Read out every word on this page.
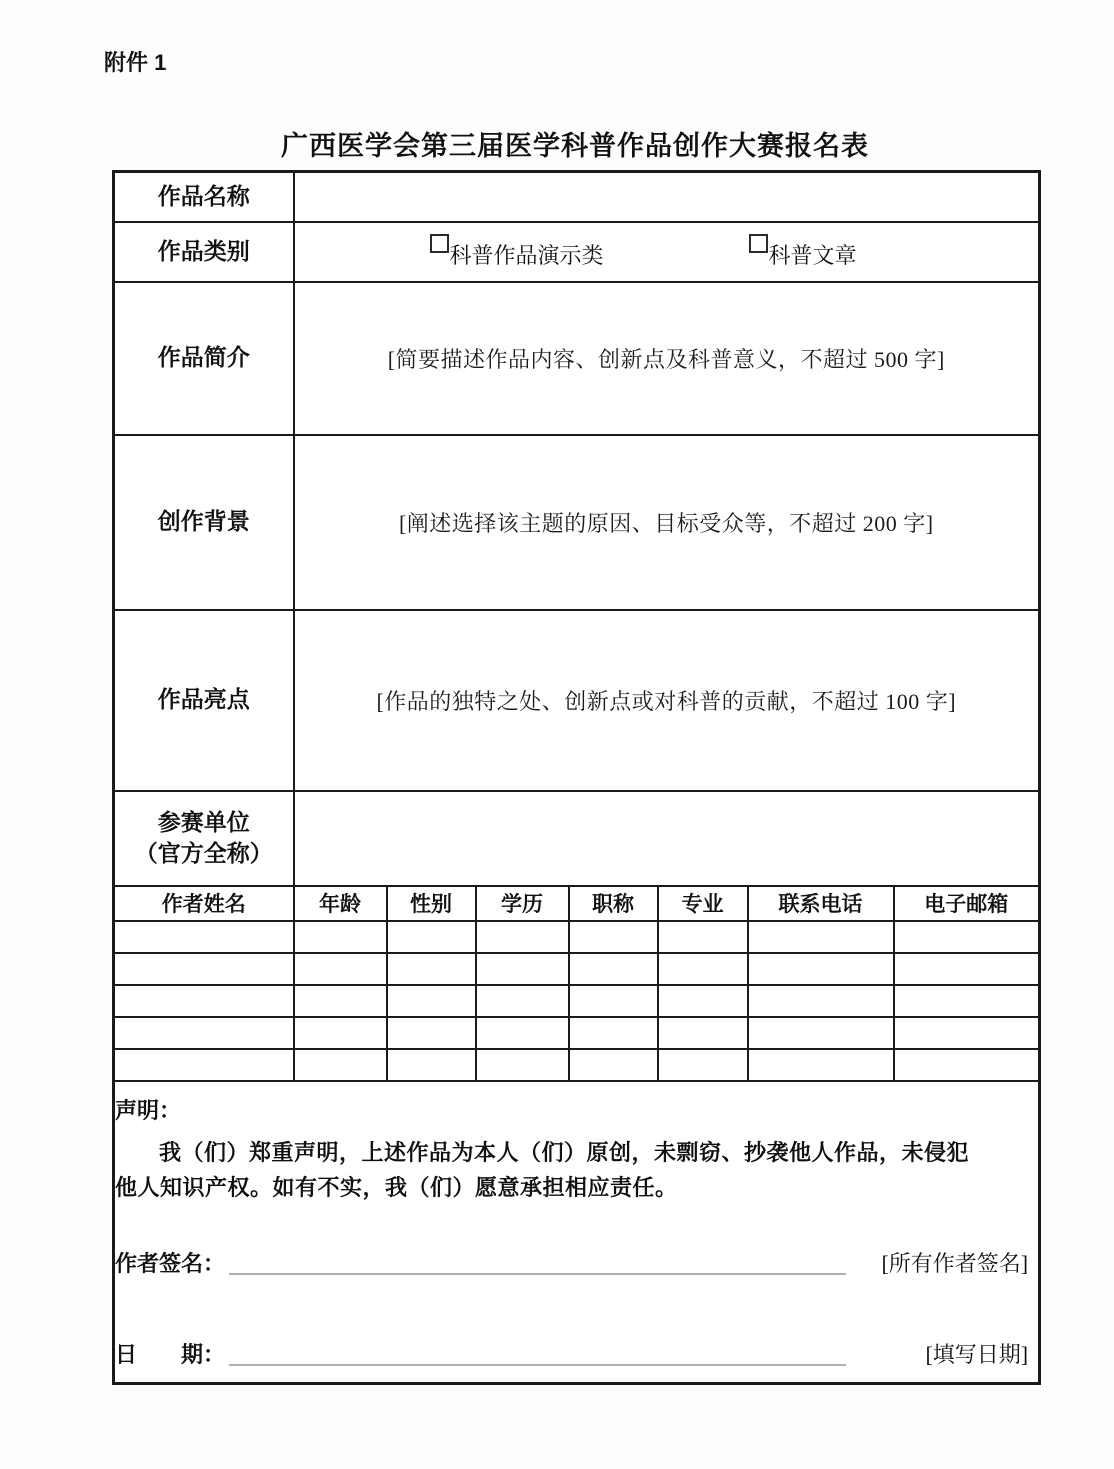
附件 1
广西医学会第三届医学科普作品创作大赛报名表
作品名称							
作品类别	科普作品演示类 科普文章						

作品简介	[简要描述作品内容、创新点及科普意义，不超过 500 字]						
创作背景	[阐述选择该主题的原因、目标受众等，不超过 200 字]						
作品亮点	[作品的独特之处、创新点或对科普的贡献，不超过 100 字]						

参赛单位
（官方全称）							

作者姓名	年龄	性别	学历	职称	专业	联系电话	电子邮箱

声明：
我（们）郑重声明，上述作品为本人（们）原创，未剽窃、抄袭他人作品，未侵犯
他人知识产权。如有不实，我（们）愿意承担相应责任。
作者签名：	[所有作者签名]
日　　期：	[填写日期]
